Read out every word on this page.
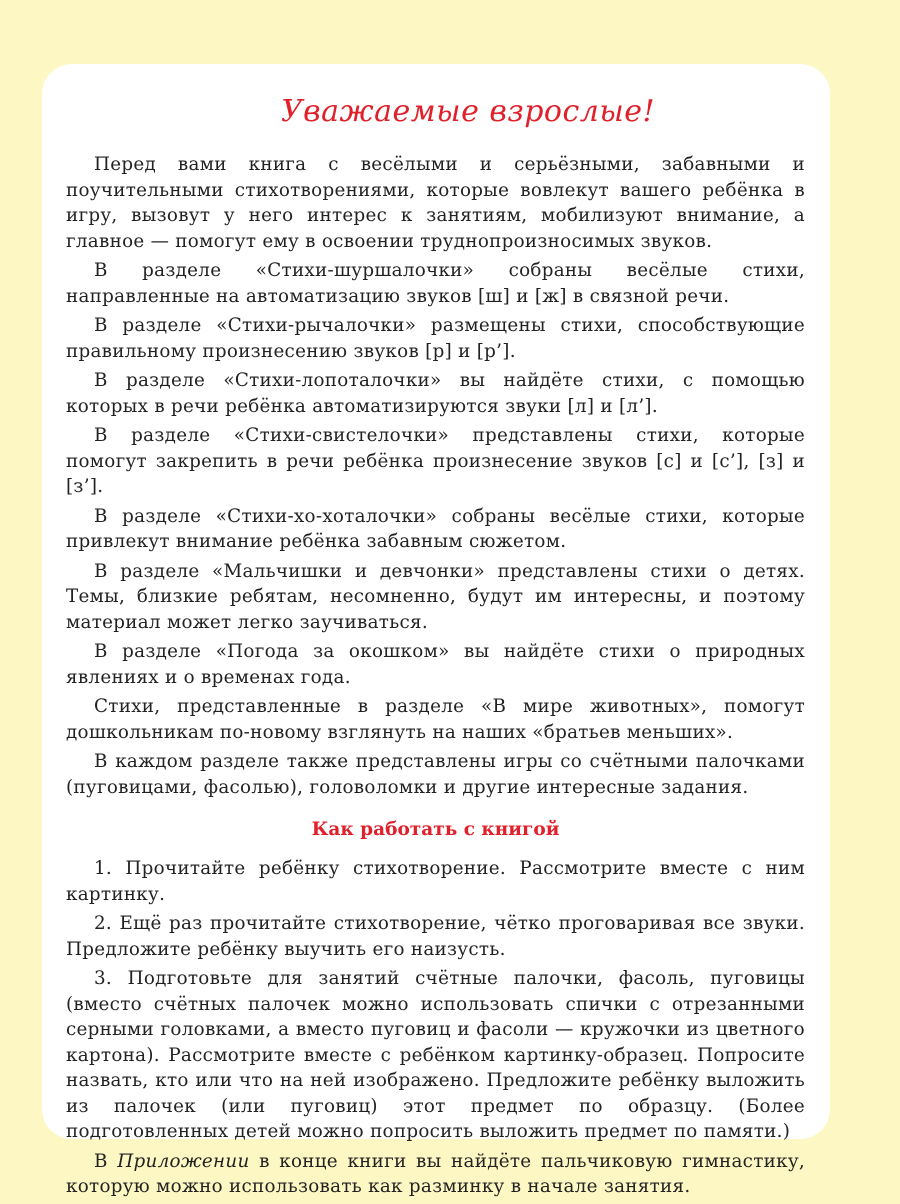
Уважаемые взрослые!

Перед вами книга с весёлыми и серьёзными, забавными и поучительными стихотворениями, которые вовлекут вашего ребёнка в игру, вызовут у него интерес к занятиям, мобилизуют внимание, а главное — помогут ему в освоении труднопроизносимых звуков.

В разделе «Стихи-шуршалочки» собраны весёлые стихи, направленные на автоматизацию звуков [ш] и [ж] в связной речи.

В разделе «Стихи-рычалочки» размещены стихи, способствующие правильному произнесению звуков [р] и [р’].

В разделе «Стихи-лопоталочки» вы найдёте стихи, с помощью которых в речи ребёнка автоматизируются звуки [л] и [л’].

В разделе «Стихи-свистелочки» представлены стихи, которые помогут закрепить в речи ребёнка произнесение звуков [с] и [с’], [з] и [з’].

В разделе «Стихи-хо-хоталочки» собраны весёлые стихи, которые привлекут внимание ребёнка забавным сюжетом.

В разделе «Мальчишки и девчонки» представлены стихи о детях. Темы, близкие ребятам, несомненно, будут им интересны, и поэтому материал может легко заучиваться.

В разделе «Погода за окошком» вы найдёте стихи о природных явлениях и о временах года.

Стихи, представленные в разделе «В мире животных», помогут дошкольникам по-новому взглянуть на наших «братьев меньших».

В каждом разделе также представлены игры со счётными палочками (пуговицами, фасолью), головоломки и другие интересные задания.

Как работать с книгой

1. Прочитайте ребёнку стихотворение. Рассмотрите вместе с ним картинку.

2. Ещё раз прочитайте стихотворение, чётко проговаривая все звуки. Предложите ребёнку выучить его наизусть.

3. Подготовьте для занятий счётные палочки, фасоль, пуговицы (вместо счётных палочек можно использовать спички с отрезанными серными головками, а вместо пуговиц и фасоли — кружочки из цветного картона). Рассмотрите вместе с ребёнком картинку-образец. Попросите назвать, кто или что на ней изображено. Предложите ребёнку выложить из палочек (или пуговиц) этот предмет по образцу. (Более подготовленных детей можно попросить выложить предмет по памяти.)

В Приложении в конце книги вы найдёте пальчиковую гимнастику, которую можно использовать как разминку в начале занятия.
